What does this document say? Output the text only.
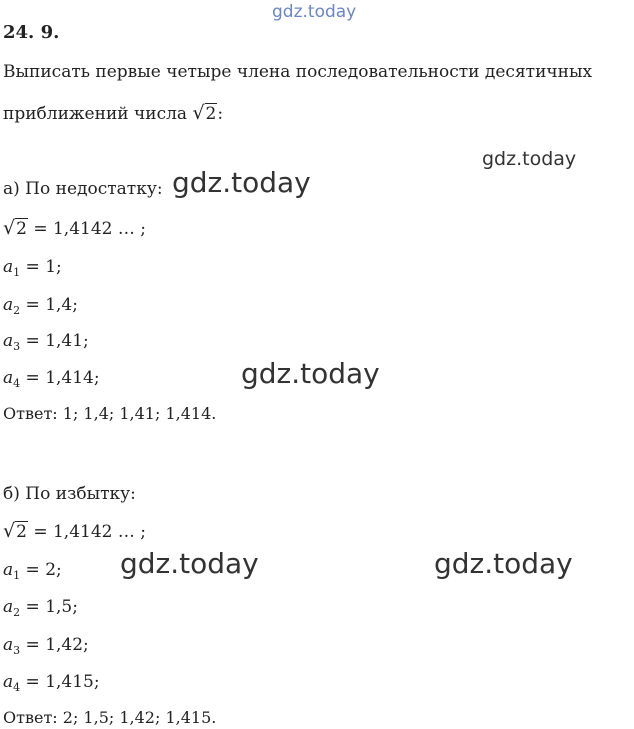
gdz.today
gdz.today
gdz.today
gdz.today
gdz.today	gdz.today
24. 9.
Выписать первые четыре члена последовательности десятичных
приближений числа √2:
а) По недостатку:
√2 = 1,4142 … ;
$a_1 = 1$;
$a_2 = 1,4$;
$a_3 = 1,41$;
$a_4 = 1,414$;
Ответ: 1; 1,4; 1,41; 1,414.
б) По избытку:
√2 = 1,4142 … ;
$a_1 = 2$;
$a_2 = 1,5$;
$a_3 = 1,42$;
$a_4 = 1,415$;
Ответ: 2; 1,5; 1,42; 1,415.
